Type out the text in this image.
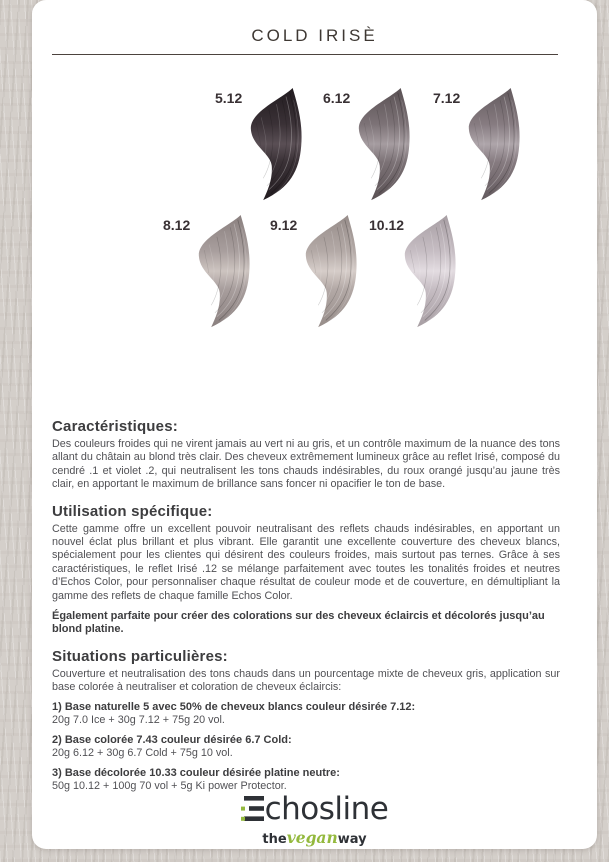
COLD IRISÈ
5.12	6.12	7.12
8.12	9.12	10.12
Caractéristiques:

Des couleurs froides qui ne virent jamais au vert ni au gris, et un contrôle maximum de la nuance des tons allant du châtain au blond très clair. Des cheveux extrêmement lumineux grâce au reflet Irisé, composé du cendré .1 et violet .2, qui neutralisent les tons chauds indésirables, du roux orangé jusqu’au jaune très clair, en apportant le maximum de brillance sans foncer ni opacifier le ton de base.

Utilisation spécifique:

Cette gamme offre un excellent pouvoir neutralisant des reflets chauds indésirables, en apportant un nouvel éclat plus brillant et plus vibrant. Elle garantit une excellente couverture des cheveux blancs, spécialement pour les clientes qui désirent des couleurs froides, mais surtout pas ternes. Grâce à ses caractéristiques, le reflet Irisé .12 se mélange parfaitement avec toutes les tonalités froides et neutres d’Echos Color, pour personnaliser chaque résultat de couleur mode et de couverture, en démultipliant la gamme des reflets de chaque famille Echos Color.

Également parfaite pour créer des colorations sur des cheveux éclaircis et décolorés jusqu’au blond platine.

Situations particulières:

Couverture et neutralisation des tons chauds dans un pourcentage mixte de cheveux gris, application sur base colorée à neutraliser et coloration de cheveux éclaircis:

1) Base naturelle 5 avec 50% de cheveux blancs couleur désirée 7.12:
20g 7.0 Ice + 30g 7.12 + 75g 20 vol.
2) Base colorée 7.43 couleur désirée 6.7 Cold:
20g 6.12 + 30g 6.7 Cold + 75g 10 vol.
3) Base décolorée 10.33 couleur désirée platine neutre:
50g 10.12 + 100g 70 vol + 5g Ki power Protector.
chosline
theveganway
